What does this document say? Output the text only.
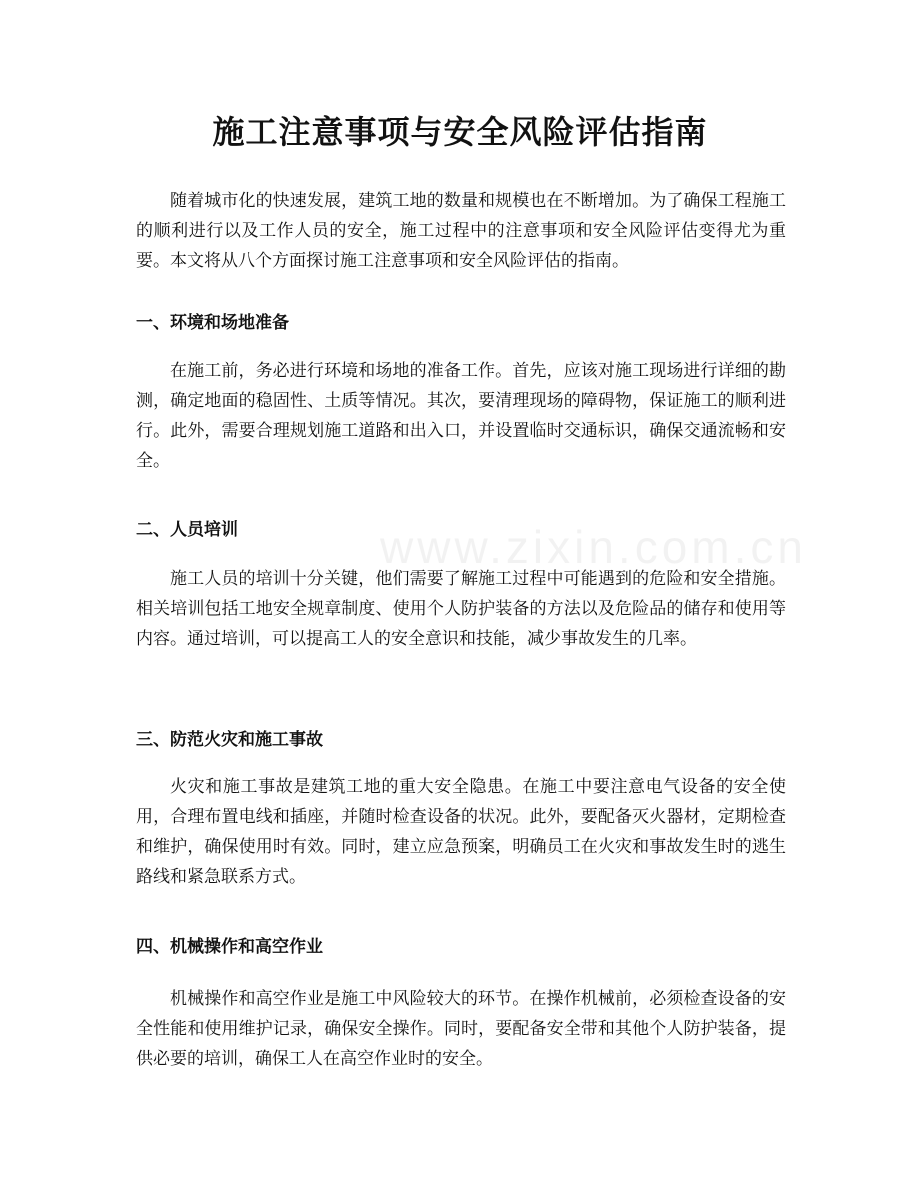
www.zixin.com.cn
施工注意事项与安全风险评估指南

随着城市化的快速发展，建筑工地的数量和规模也在不断增加。为了确保工程施工的顺利进行以及工作人员的安全，施工过程中的注意事项和安全风险评估变得尤为重要。本文将从八个方面探讨施工注意事项和安全风险评估的指南。

一、环境和场地准备

在施工前，务必进行环境和场地的准备工作。首先，应该对施工现场进行详细的勘测，确定地面的稳固性、土质等情况。其次，要清理现场的障碍物，保证施工的顺利进行。此外，需要合理规划施工道路和出入口，并设置临时交通标识，确保交通流畅和安全。

二、人员培训

施工人员的培训十分关键，他们需要了解施工过程中可能遇到的危险和安全措施。相关培训包括工地安全规章制度、使用个人防护装备的方法以及危险品的储存和使用等内容。通过培训，可以提高工人的安全意识和技能，减少事故发生的几率。

三、防范火灾和施工事故

火灾和施工事故是建筑工地的重大安全隐患。在施工中要注意电气设备的安全使用，合理布置电线和插座，并随时检查设备的状况。此外，要配备灭火器材，定期检查和维护，确保使用时有效。同时，建立应急预案，明确员工在火灾和事故发生时的逃生路线和紧急联系方式。

四、机械操作和高空作业

机械操作和高空作业是施工中风险较大的环节。在操作机械前，必须检查设备的安全性能和使用维护记录，确保安全操作。同时，要配备安全带和其他个人防护装备，提供必要的培训，确保工人在高空作业时的安全。
